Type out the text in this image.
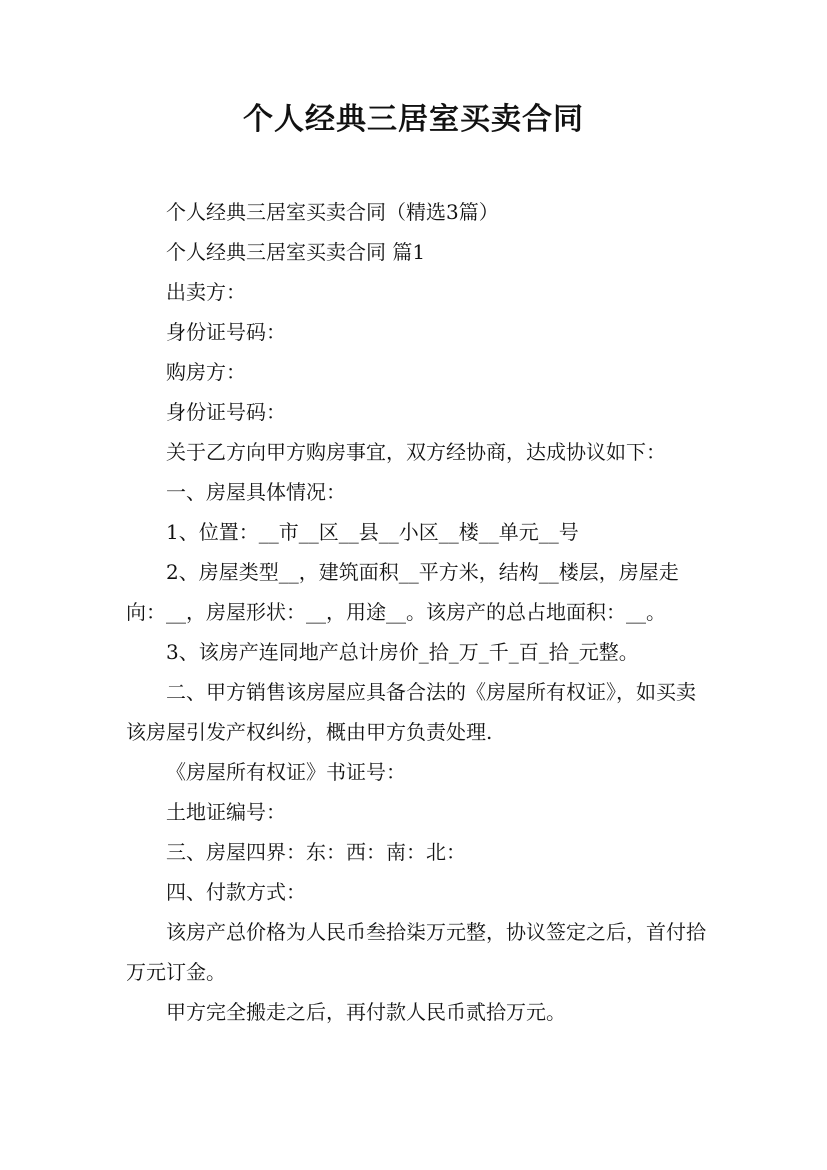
个人经典三居室买卖合同

个人经典三居室买卖合同（精选3篇）

个人经典三居室买卖合同 篇1

出卖方：

身份证号码：

购房方：

身份证号码：

关于乙方向甲方购房事宜，双方经协商，达成协议如下：

一、房屋具体情况：

1、位置：__市__区__县__小区__楼__单元__号

2、房屋类型__，建筑面积__平方米，结构__楼层，房屋走向：__，房屋形状：__，用途__。该房产的总占地面积：__。

3、该房产连同地产总计房价_拾_万_千_百_拾_元整。

二、甲方销售该房屋应具备合法的《房屋所有权证》，如买卖该房屋引发产权纠纷，概由甲方负责处理.

《房屋所有权证》书证号：

土地证编号：

三、房屋四界：东：西：南：北：

四、付款方式：

该房产总价格为人民币叁拾柒万元整，协议签定之后，首付拾万元订金。

甲方完全搬走之后，再付款人民币贰拾万元。
